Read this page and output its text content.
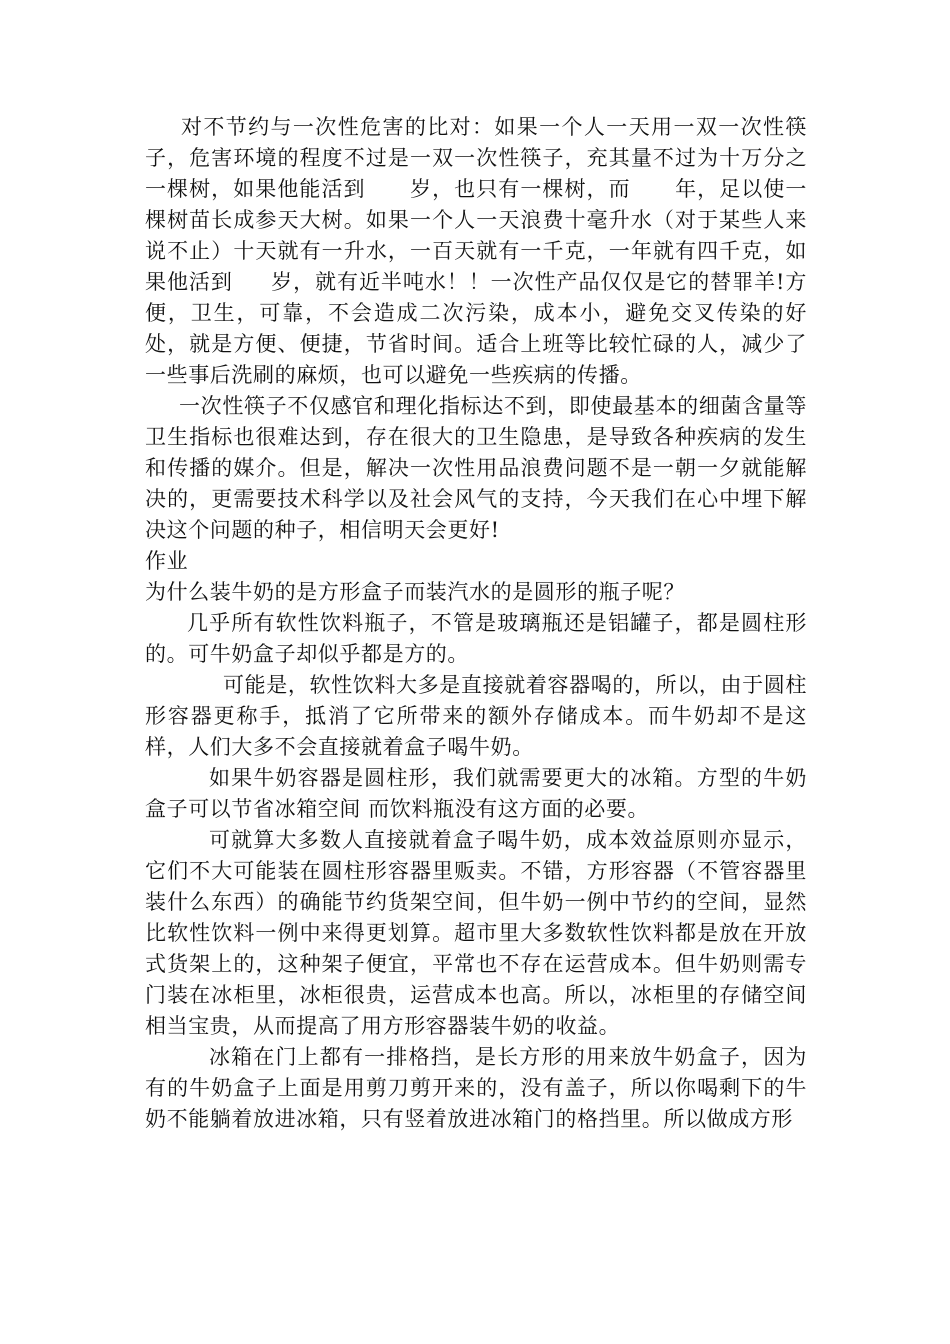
对不节约与一次性危害的比对：如果一个人一天用一双一次性筷子，危害环境的程度不过是一双一次性筷子，充其量不过为十万分之一棵树，如果他能活到 岁，也只有一棵树，而 年，足以使一棵树苗长成参天大树。如果一个人一天浪费十毫升水（对于某些人来说不止）十天就有一升水，一百天就有一千克，一年就有四千克，如果他活到 岁，就有近半吨水！！一次性产品仅仅是它的替罪羊!方便，卫生，可靠，不会造成二次污染，成本小，避免交叉传染的好处，就是方便、便捷，节省时间。适合上班等比较忙碌的人，减少了一些事后洗刷的麻烦，也可以避免一些疾病的传播。

一次性筷子不仅感官和理化指标达不到，即使最基本的细菌含量等卫生指标也很难达到，存在很大的卫生隐患，是导致各种疾病的发生和传播的媒介。但是，解决一次性用品浪费问题不是一朝一夕就能解决的，更需要技术科学以及社会风气的支持，今天我们在心中埋下解决这个问题的种子，相信明天会更好!

作业

为什么装牛奶的是方形盒子而装汽水的是圆形的瓶子呢？

几乎所有软性饮料瓶子，不管是玻璃瓶还是铝罐子，都是圆柱形的。可牛奶盒子却似乎都是方的。

可能是，软性饮料大多是直接就着容器喝的，所以，由于圆柱形容器更称手，抵消了它所带来的额外存储成本。而牛奶却不是这样，人们大多不会直接就着盒子喝牛奶。

如果牛奶容器是圆柱形，我们就需要更大的冰箱。方型的牛奶盒子可以节省冰箱空间 而饮料瓶没有这方面的必要。

可就算大多数人直接就着盒子喝牛奶，成本效益原则亦显示，它们不大可能装在圆柱形容器里贩卖。不错，方形容器（不管容器里装什么东西）的确能节约货架空间，但牛奶一例中节约的空间，显然比软性饮料一例中来得更划算。超市里大多数软性饮料都是放在开放式货架上的，这种架子便宜，平常也不存在运营成本。但牛奶则需专门装在冰柜里，冰柜很贵，运营成本也高。所以，冰柜里的存储空间相当宝贵，从而提高了用方形容器装牛奶的收益。

冰箱在门上都有一排格挡，是长方形的用来放牛奶盒子，因为有的牛奶盒子上面是用剪刀剪开来的，没有盖子，所以你喝剩下的牛奶不能躺着放进冰箱，只有竖着放进冰箱门的格挡里。所以做成方形
